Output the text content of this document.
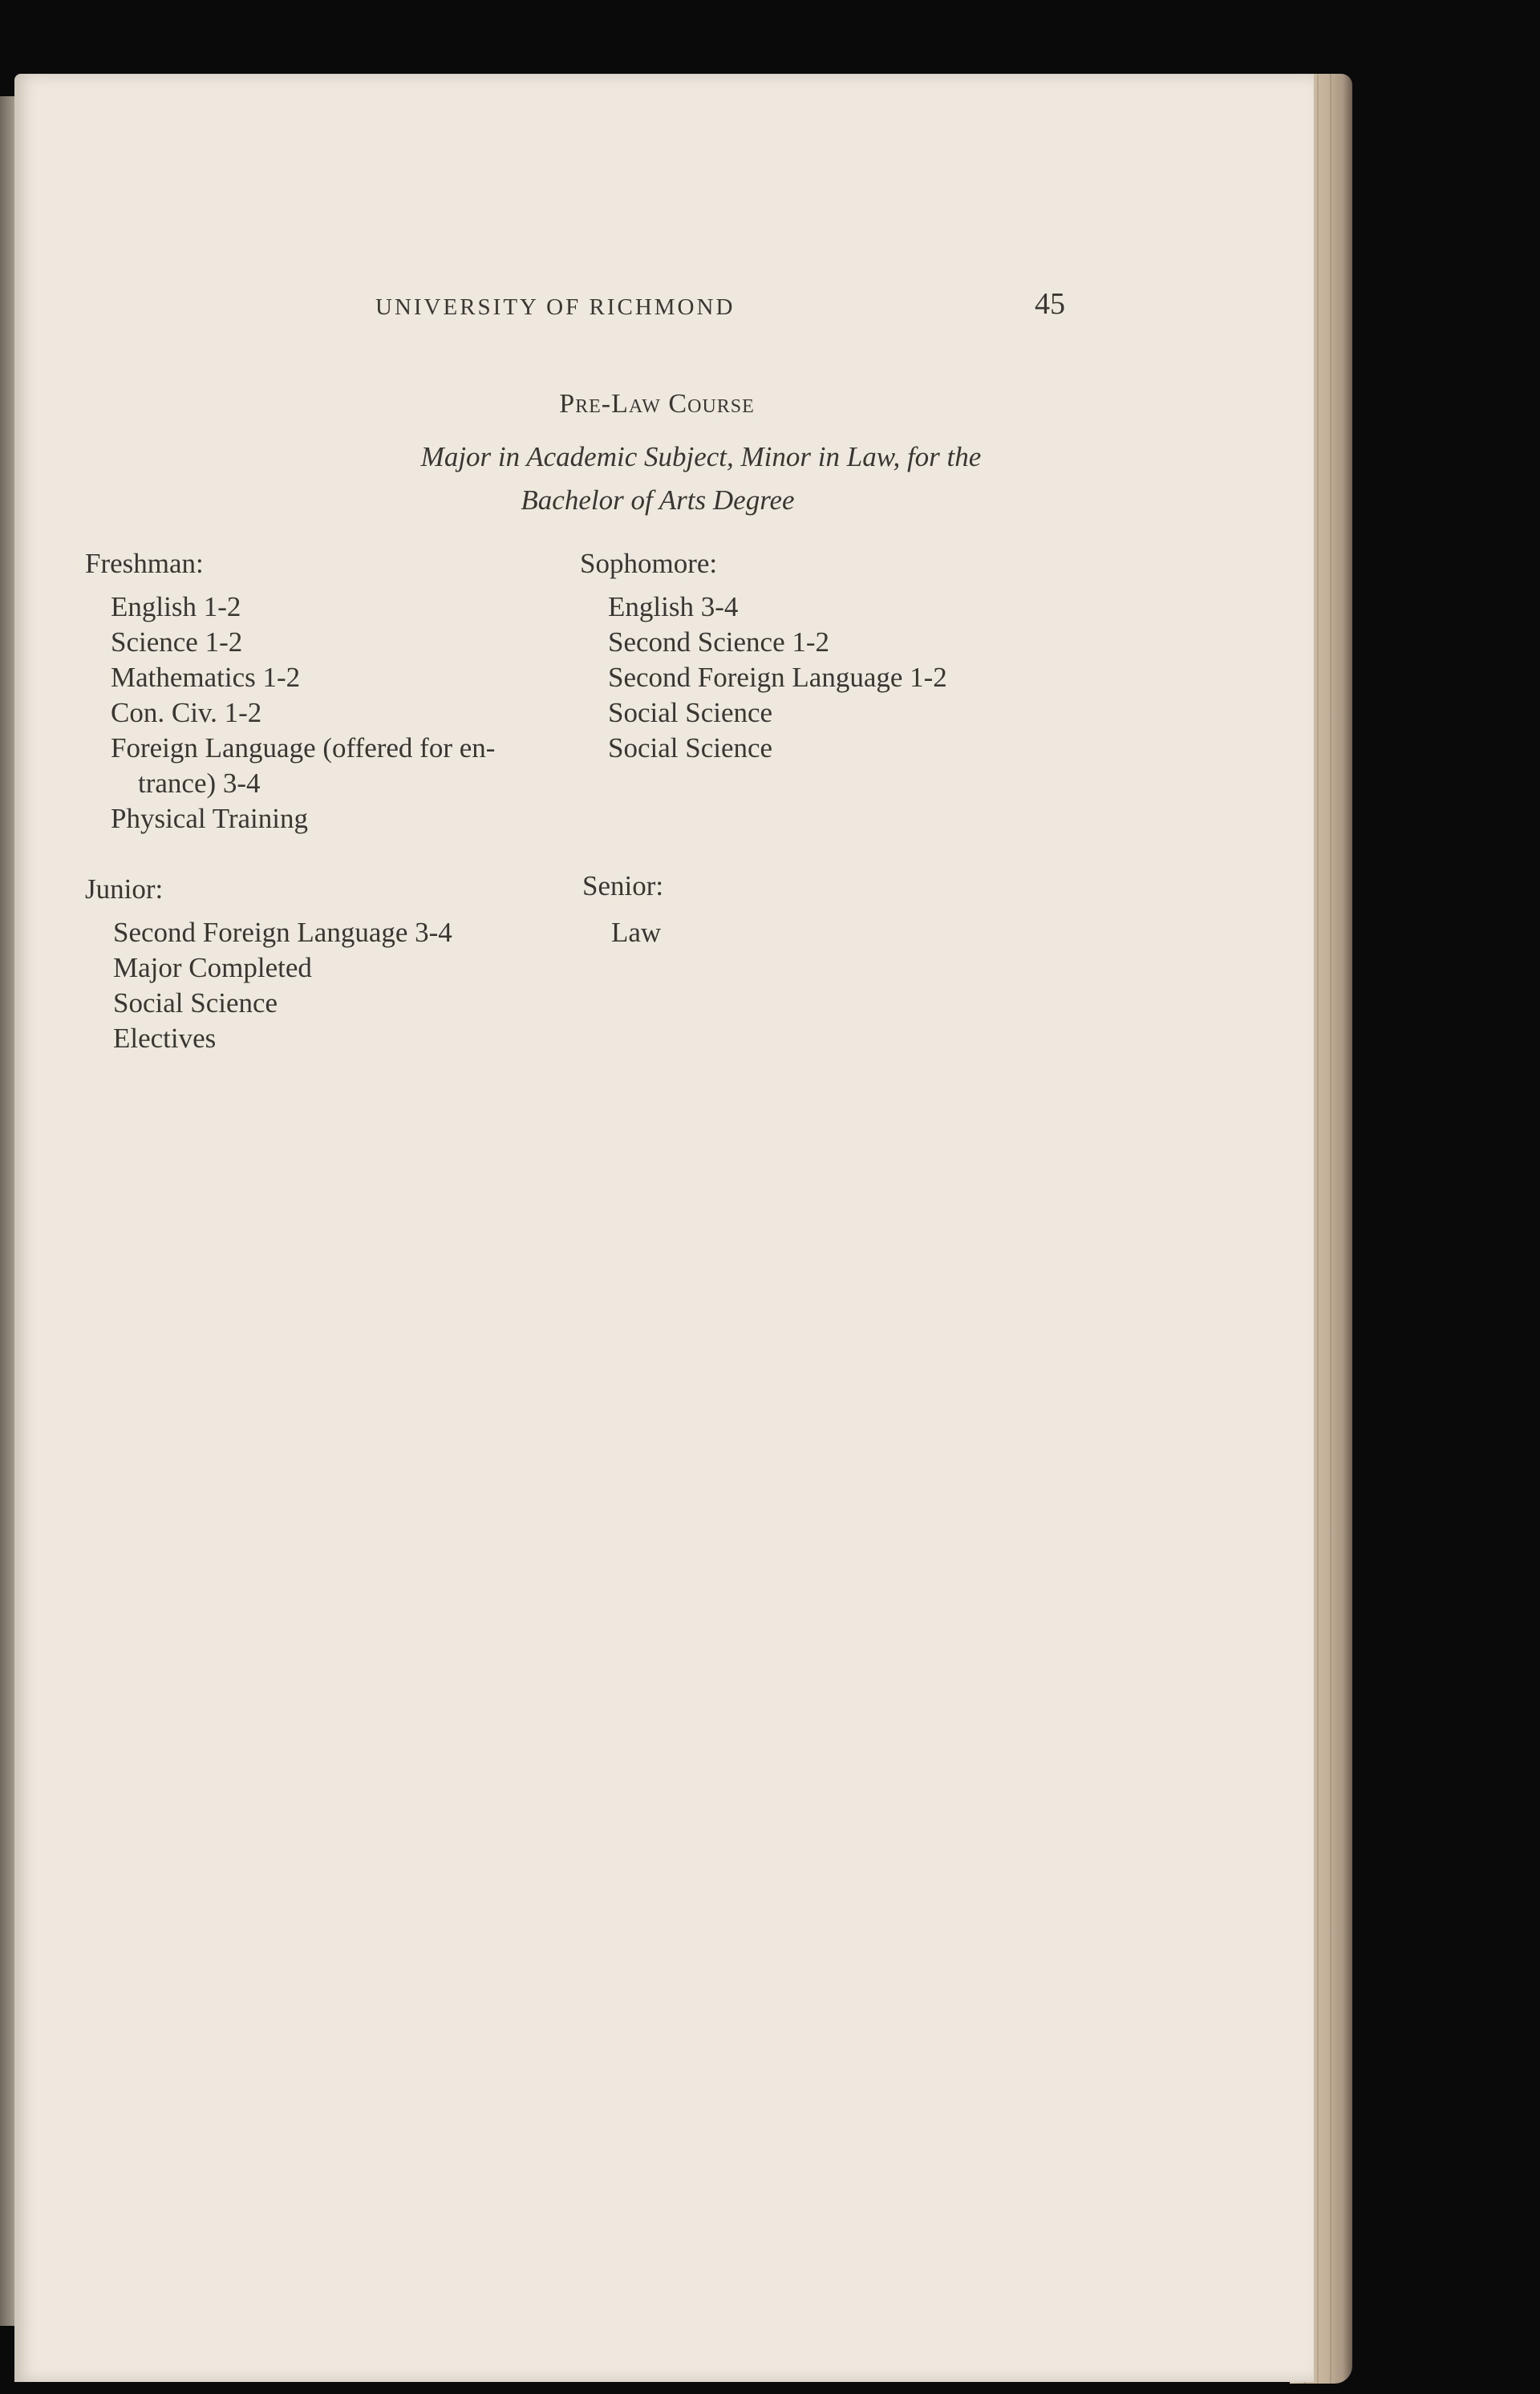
UNIVERSITY OF RICHMOND	45
Pre-Law Course
Major in Academic Subject, Minor in Law, for the
Bachelor of Arts Degree
Freshman:
English 1-2
Science 1-2
Mathematics 1-2
Con. Civ. 1-2
Foreign Language (offered for en-
trance) 3-4
Physical Training
Sophomore:
English 3-4
Second Science 1-2
Second Foreign Language 1-2
Social Science
Social Science
Junior:
Second Foreign Language 3-4
Major Completed
Social Science
Electives
Senior:
Law
